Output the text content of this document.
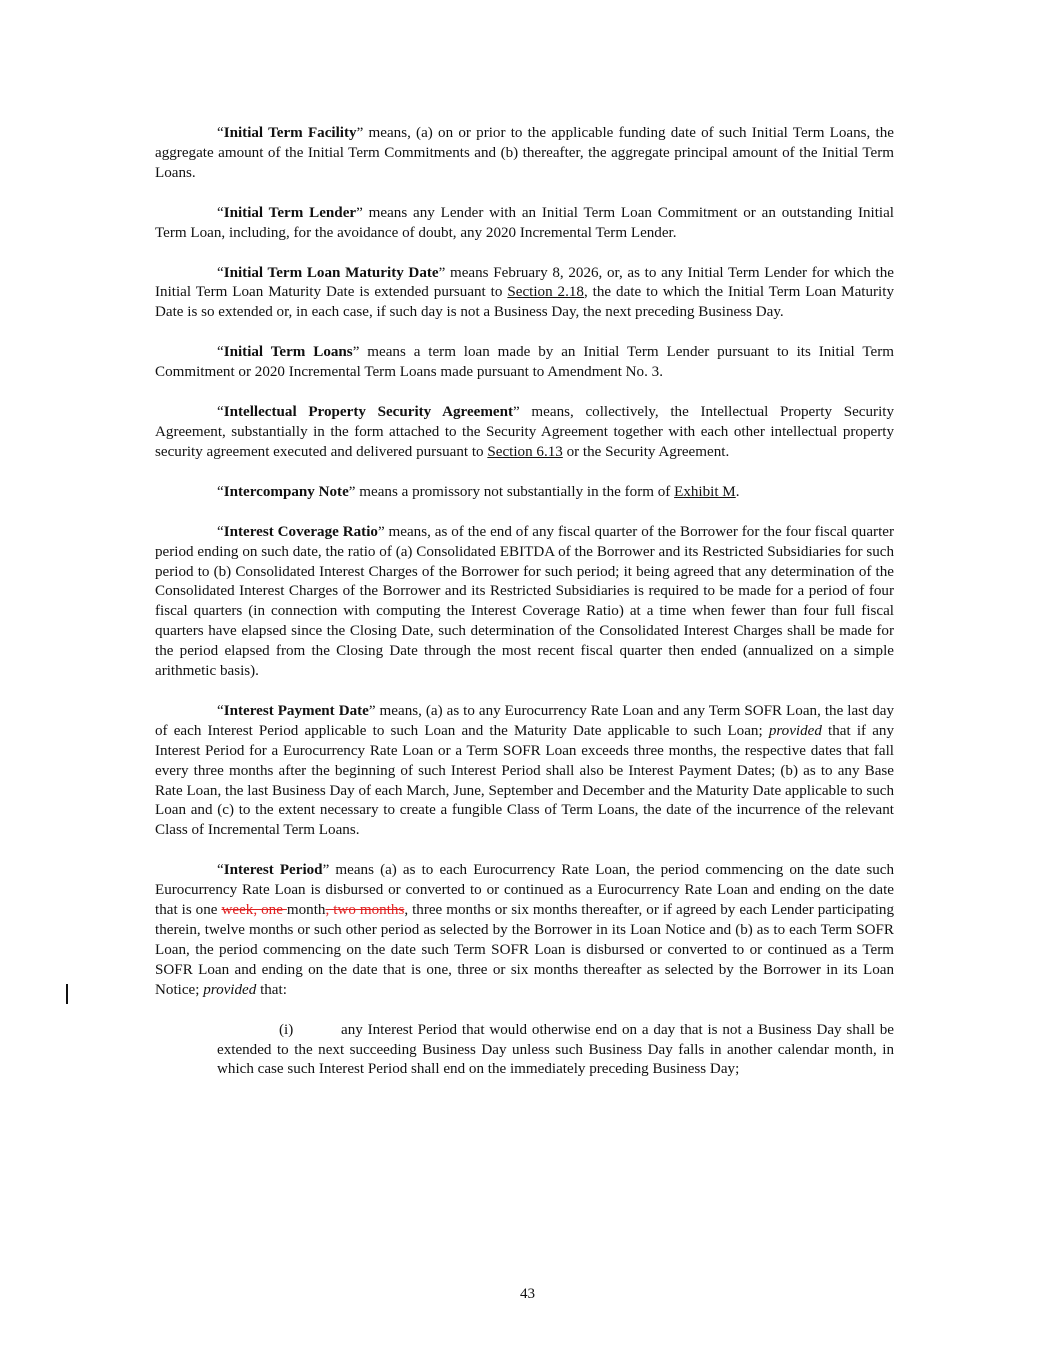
“Initial Term Facility” means, (a) on or prior to the applicable funding date of such Initial Term Loans, the aggregate amount of the Initial Term Commitments and (b) thereafter, the aggregate principal amount of the Initial Term Loans.

“Initial Term Lender” means any Lender with an Initial Term Loan Commitment or an outstanding Initial Term Loan, including, for the avoidance of doubt, any 2020 Incremental Term Lender.

“Initial Term Loan Maturity Date” means February 8, 2026, or, as to any Initial Term Lender for which the Initial Term Loan Maturity Date is extended pursuant to Section 2.18, the date to which the Initial Term Loan Maturity Date is so extended or, in each case, if such day is not a Business Day, the next preceding Business Day.

“Initial Term Loans” means a term loan made by an Initial Term Lender pursuant to its Initial Term Commitment or 2020 Incremental Term Loans made pursuant to Amendment No. 3.

“Intellectual Property Security Agreement” means, collectively, the Intellectual Property Security Agreement, substantially in the form attached to the Security Agreement together with each other intellectual property security agreement executed and delivered pursuant to Section 6.13 or the Security Agreement.

“Intercompany Note” means a promissory not substantially in the form of Exhibit M.

“Interest Coverage Ratio” means, as of the end of any fiscal quarter of the Borrower for the four fiscal quarter period ending on such date, the ratio of (a) Consolidated EBITDA of the Borrower and its Restricted Subsidiaries for such period to (b) Consolidated Interest Charges of the Borrower for such period; it being agreed that any determination of the Consolidated Interest Charges of the Borrower and its Restricted Subsidiaries is required to be made for a period of four fiscal quarters (in connection with computing the Interest Coverage Ratio) at a time when fewer than four full fiscal quarters have elapsed since the Closing Date, such determination of the Consolidated Interest Charges shall be made for the period elapsed from the Closing Date through the most recent fiscal quarter then ended (annualized on a simple arithmetic basis).

“Interest Payment Date” means, (a) as to any Eurocurrency Rate Loan and any Term SOFR Loan, the last day of each Interest Period applicable to such Loan and the Maturity Date applicable to such Loan; provided that if any Interest Period for a Eurocurrency Rate Loan or a Term SOFR Loan exceeds three months, the respective dates that fall every three months after the beginning of such Interest Period shall also be Interest Payment Dates; (b) as to any Base Rate Loan, the last Business Day of each March, June, September and December and the Maturity Date applicable to such Loan and (c) to the extent necessary to create a fungible Class of Term Loans, the date of the incurrence of the relevant Class of Incremental Term Loans.

“Interest Period” means (a) as to each Eurocurrency Rate Loan, the period commencing on the date such Eurocurrency Rate Loan is disbursed or converted to or continued as a Eurocurrency Rate Loan and ending on the date that is one week, one month, two months, three months or six months thereafter, or if agreed by each Lender participating therein, twelve months or such other period as selected by the Borrower in its Loan Notice and (b) as to each Term SOFR Loan, the period commencing on the date such Term SOFR Loan is disbursed or converted to or continued as a Term SOFR Loan and ending on the date that is one, three or six months thereafter as selected by the Borrower in its Loan Notice; provided that:

(i)	any Interest Period that would otherwise end on a day that is not a Business Day shall be extended to the next succeeding Business Day unless such Business Day falls in another calendar month, in which case such Interest Period shall end on the immediately preceding Business Day;

43
